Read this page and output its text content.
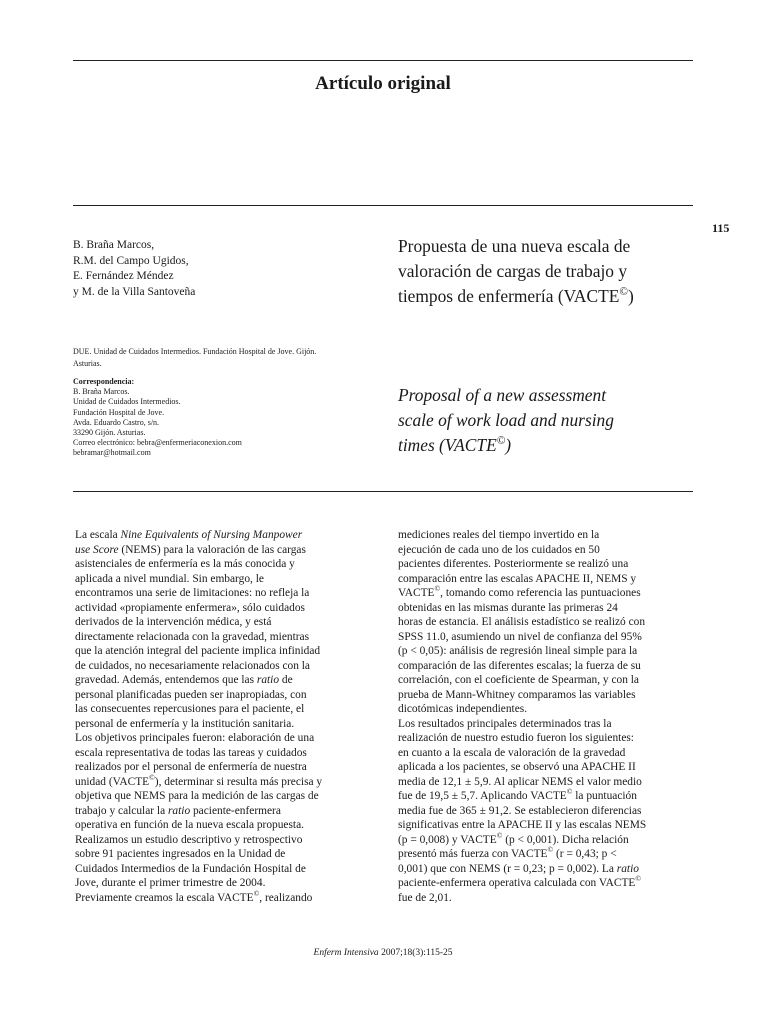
Artículo original
115
B. Braña Marcos,
R.M. del Campo Ugidos,
E. Fernández Méndez
y M. de la Villa Santoveña
DUE. Unidad de Cuidados Intermedios. Fundación Hospital de Jove. Gijón.
Asturias.
Correspondencia:
B. Braña Marcos.
Unidad de Cuidados Intermedios.
Fundación Hospital de Jove.
Avda. Eduardo Castro, s/n.
33290 Gijón. Asturias.
Correo electrónico: bebra@enfermeriaconexion.com
bebramar@hotmail.com
Propuesta de una nueva escala de
valoración de cargas de trabajo y
tiempos de enfermería (VACTE©)
Proposal of a new assessment
scale of work load and nursing
times (VACTE©)
La escala Nine Equivalents of Nursing Manpower
use Score (NEMS) para la valoración de las cargas
asistenciales de enfermería es la más conocida y
aplicada a nivel mundial. Sin embargo, le
encontramos una serie de limitaciones: no refleja la
actividad «propiamente enfermera», sólo cuidados
derivados de la intervención médica, y está
directamente relacionada con la gravedad, mientras
que la atención integral del paciente implica infinidad
de cuidados, no necesariamente relacionados con la
gravedad. Además, entendemos que las ratio de
personal planificadas pueden ser inapropiadas, con
las consecuentes repercusiones para el paciente, el
personal de enfermería y la institución sanitaria.
Los objetivos principales fueron: elaboración de una
escala representativa de todas las tareas y cuidados
realizados por el personal de enfermería de nuestra
unidad (VACTE©), determinar si resulta más precisa y
objetiva que NEMS para la medición de las cargas de
trabajo y calcular la ratio paciente-enfermera
operativa en función de la nueva escala propuesta.
Realizamos un estudio descriptivo y retrospectivo
sobre 91 pacientes ingresados en la Unidad de
Cuidados Intermedios de la Fundación Hospital de
Jove, durante el primer trimestre de 2004.
Previamente creamos la escala VACTE©, realizando
mediciones reales del tiempo invertido en la
ejecución de cada uno de los cuidados en 50
pacientes diferentes. Posteriormente se realizó una
comparación entre las escalas APACHE II, NEMS y
VACTE©, tomando como referencia las puntuaciones
obtenidas en las mismas durante las primeras 24
horas de estancia. El análisis estadístico se realizó con
SPSS 11.0, asumiendo un nivel de confianza del 95%
(p < 0,05): análisis de regresión lineal simple para la
comparación de las diferentes escalas; la fuerza de su
correlación, con el coeficiente de Spearman, y con la
prueba de Mann-Whitney comparamos las variables
dicotómicas independientes.
Los resultados principales determinados tras la
realización de nuestro estudio fueron los siguientes:
en cuanto a la escala de valoración de la gravedad
aplicada a los pacientes, se observó una APACHE II
media de 12,1 ± 5,9. Al aplicar NEMS el valor medio
fue de 19,5 ± 5,7. Aplicando VACTE© la puntuación
media fue de 365 ± 91,2. Se establecieron diferencias
significativas entre la APACHE II y las escalas NEMS
(p = 0,008) y VACTE© (p < 0,001). Dicha relación
presentó más fuerza con VACTE© (r = 0,43; p <
0,001) que con NEMS (r = 0,23; p = 0,002). La ratio
paciente-enfermera operativa calculada con VACTE©
fue de 2,01.
Enferm Intensiva 2007;18(3):115-25
